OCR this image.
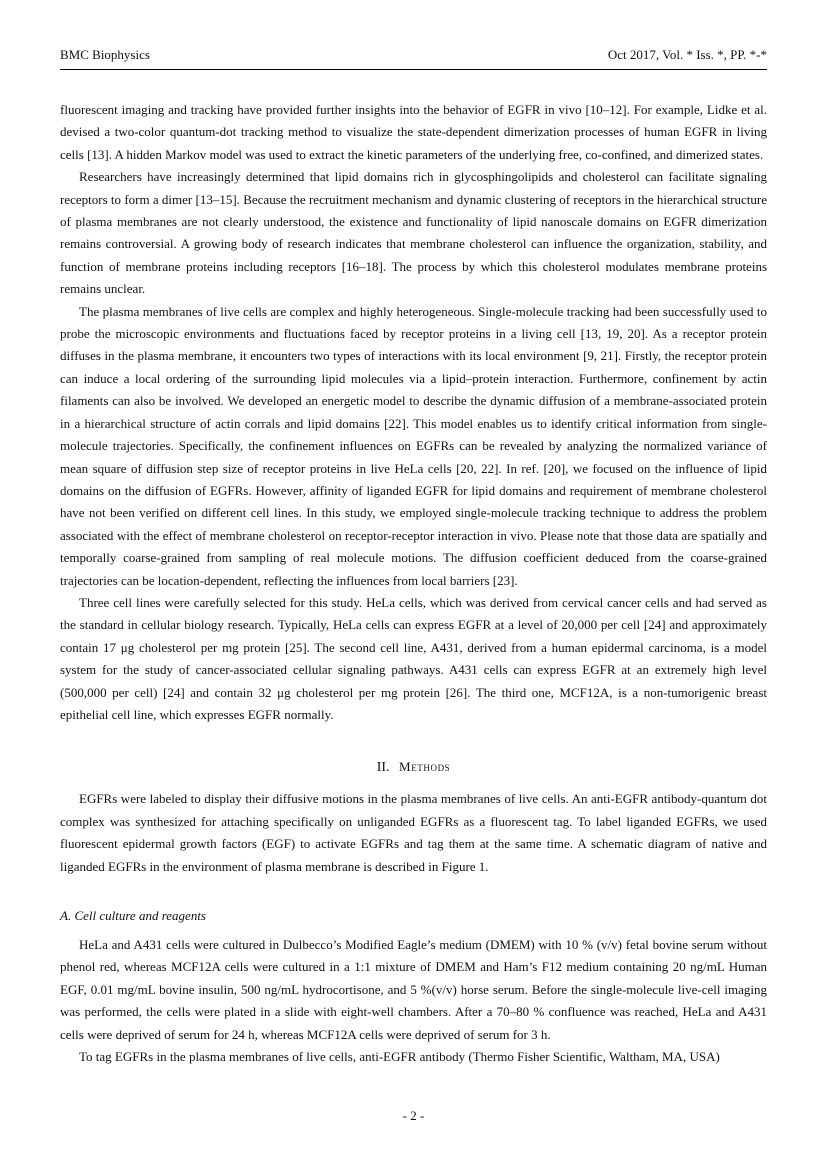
BMC Biophysics	Oct 2017, Vol. * Iss. *, PP. *-*

fluorescent imaging and tracking have provided further insights into the behavior of EGFR in vivo [10–12]. For example, Lidke et al. devised a two-color quantum-dot tracking method to visualize the state-dependent dimerization processes of human EGFR in living cells [13]. A hidden Markov model was used to extract the kinetic parameters of the underlying free, co-confined, and dimerized states.

Researchers have increasingly determined that lipid domains rich in glycosphingolipids and cholesterol can facilitate signaling receptors to form a dimer [13–15]. Because the recruitment mechanism and dynamic clustering of receptors in the hierarchical structure of plasma membranes are not clearly understood, the existence and functionality of lipid nanoscale domains on EGFR dimerization remains controversial. A growing body of research indicates that membrane cholesterol can influence the organization, stability, and function of membrane proteins including receptors [16–18]. The process by which this cholesterol modulates membrane proteins remains unclear.

The plasma membranes of live cells are complex and highly heterogeneous. Single-molecule tracking had been successfully used to probe the microscopic environments and fluctuations faced by receptor proteins in a living cell [13, 19, 20]. As a receptor protein diffuses in the plasma membrane, it encounters two types of interactions with its local environment [9, 21]. Firstly, the receptor protein can induce a local ordering of the surrounding lipid molecules via a lipid–protein interaction. Furthermore, confinement by actin filaments can also be involved. We developed an energetic model to describe the dynamic diffusion of a membrane-associated protein in a hierarchical structure of actin corrals and lipid domains [22]. This model enables us to identify critical information from single-molecule trajectories. Specifically, the confinement influences on EGFRs can be revealed by analyzing the normalized variance of mean square of diffusion step size of receptor proteins in live HeLa cells [20, 22]. In ref. [20], we focused on the influence of lipid domains on the diffusion of EGFRs. However, affinity of liganded EGFR for lipid domains and requirement of membrane cholesterol have not been verified on different cell lines. In this study, we employed single-molecule tracking technique to address the problem associated with the effect of membrane cholesterol on receptor-receptor interaction in vivo. Please note that those data are spatially and temporally coarse-grained from sampling of real molecule motions. The diffusion coefficient deduced from the coarse-grained trajectories can be location-dependent, reflecting the influences from local barriers [23].

Three cell lines were carefully selected for this study. HeLa cells, which was derived from cervical cancer cells and had served as the standard in cellular biology research. Typically, HeLa cells can express EGFR at a level of 20,000 per cell [24] and approximately contain 17 μg cholesterol per mg protein [25]. The second cell line, A431, derived from a human epidermal carcinoma, is a model system for the study of cancer-associated cellular signaling pathways. A431 cells can express EGFR at an extremely high level (500,000 per cell) [24] and contain 32 μg cholesterol per mg protein [26]. The third one, MCF12A, is a non-tumorigenic breast epithelial cell line, which expresses EGFR normally.

II. Methods

EGFRs were labeled to display their diffusive motions in the plasma membranes of live cells. An anti-EGFR antibody-quantum dot complex was synthesized for attaching specifically on unliganded EGFRs as a fluorescent tag. To label liganded EGFRs, we used fluorescent epidermal growth factors (EGF) to activate EGFRs and tag them at the same time. A schematic diagram of native and liganded EGFRs in the environment of plasma membrane is described in Figure 1.

A. Cell culture and reagents

HeLa and A431 cells were cultured in Dulbecco’s Modified Eagle’s medium (DMEM) with 10 % (v/v) fetal bovine serum without phenol red, whereas MCF12A cells were cultured in a 1:1 mixture of DMEM and Ham’s F12 medium containing 20 ng/mL Human EGF, 0.01 mg/mL bovine insulin, 500 ng/mL hydrocortisone, and 5 %(v/v) horse serum. Before the single-molecule live-cell imaging was performed, the cells were plated in a slide with eight-well chambers. After a 70–80 % confluence was reached, HeLa and A431 cells were deprived of serum for 24 h, whereas MCF12A cells were deprived of serum for 3 h.

To tag EGFRs in the plasma membranes of live cells, anti-EGFR antibody (Thermo Fisher Scientific, Waltham, MA, USA)

- 2 -
